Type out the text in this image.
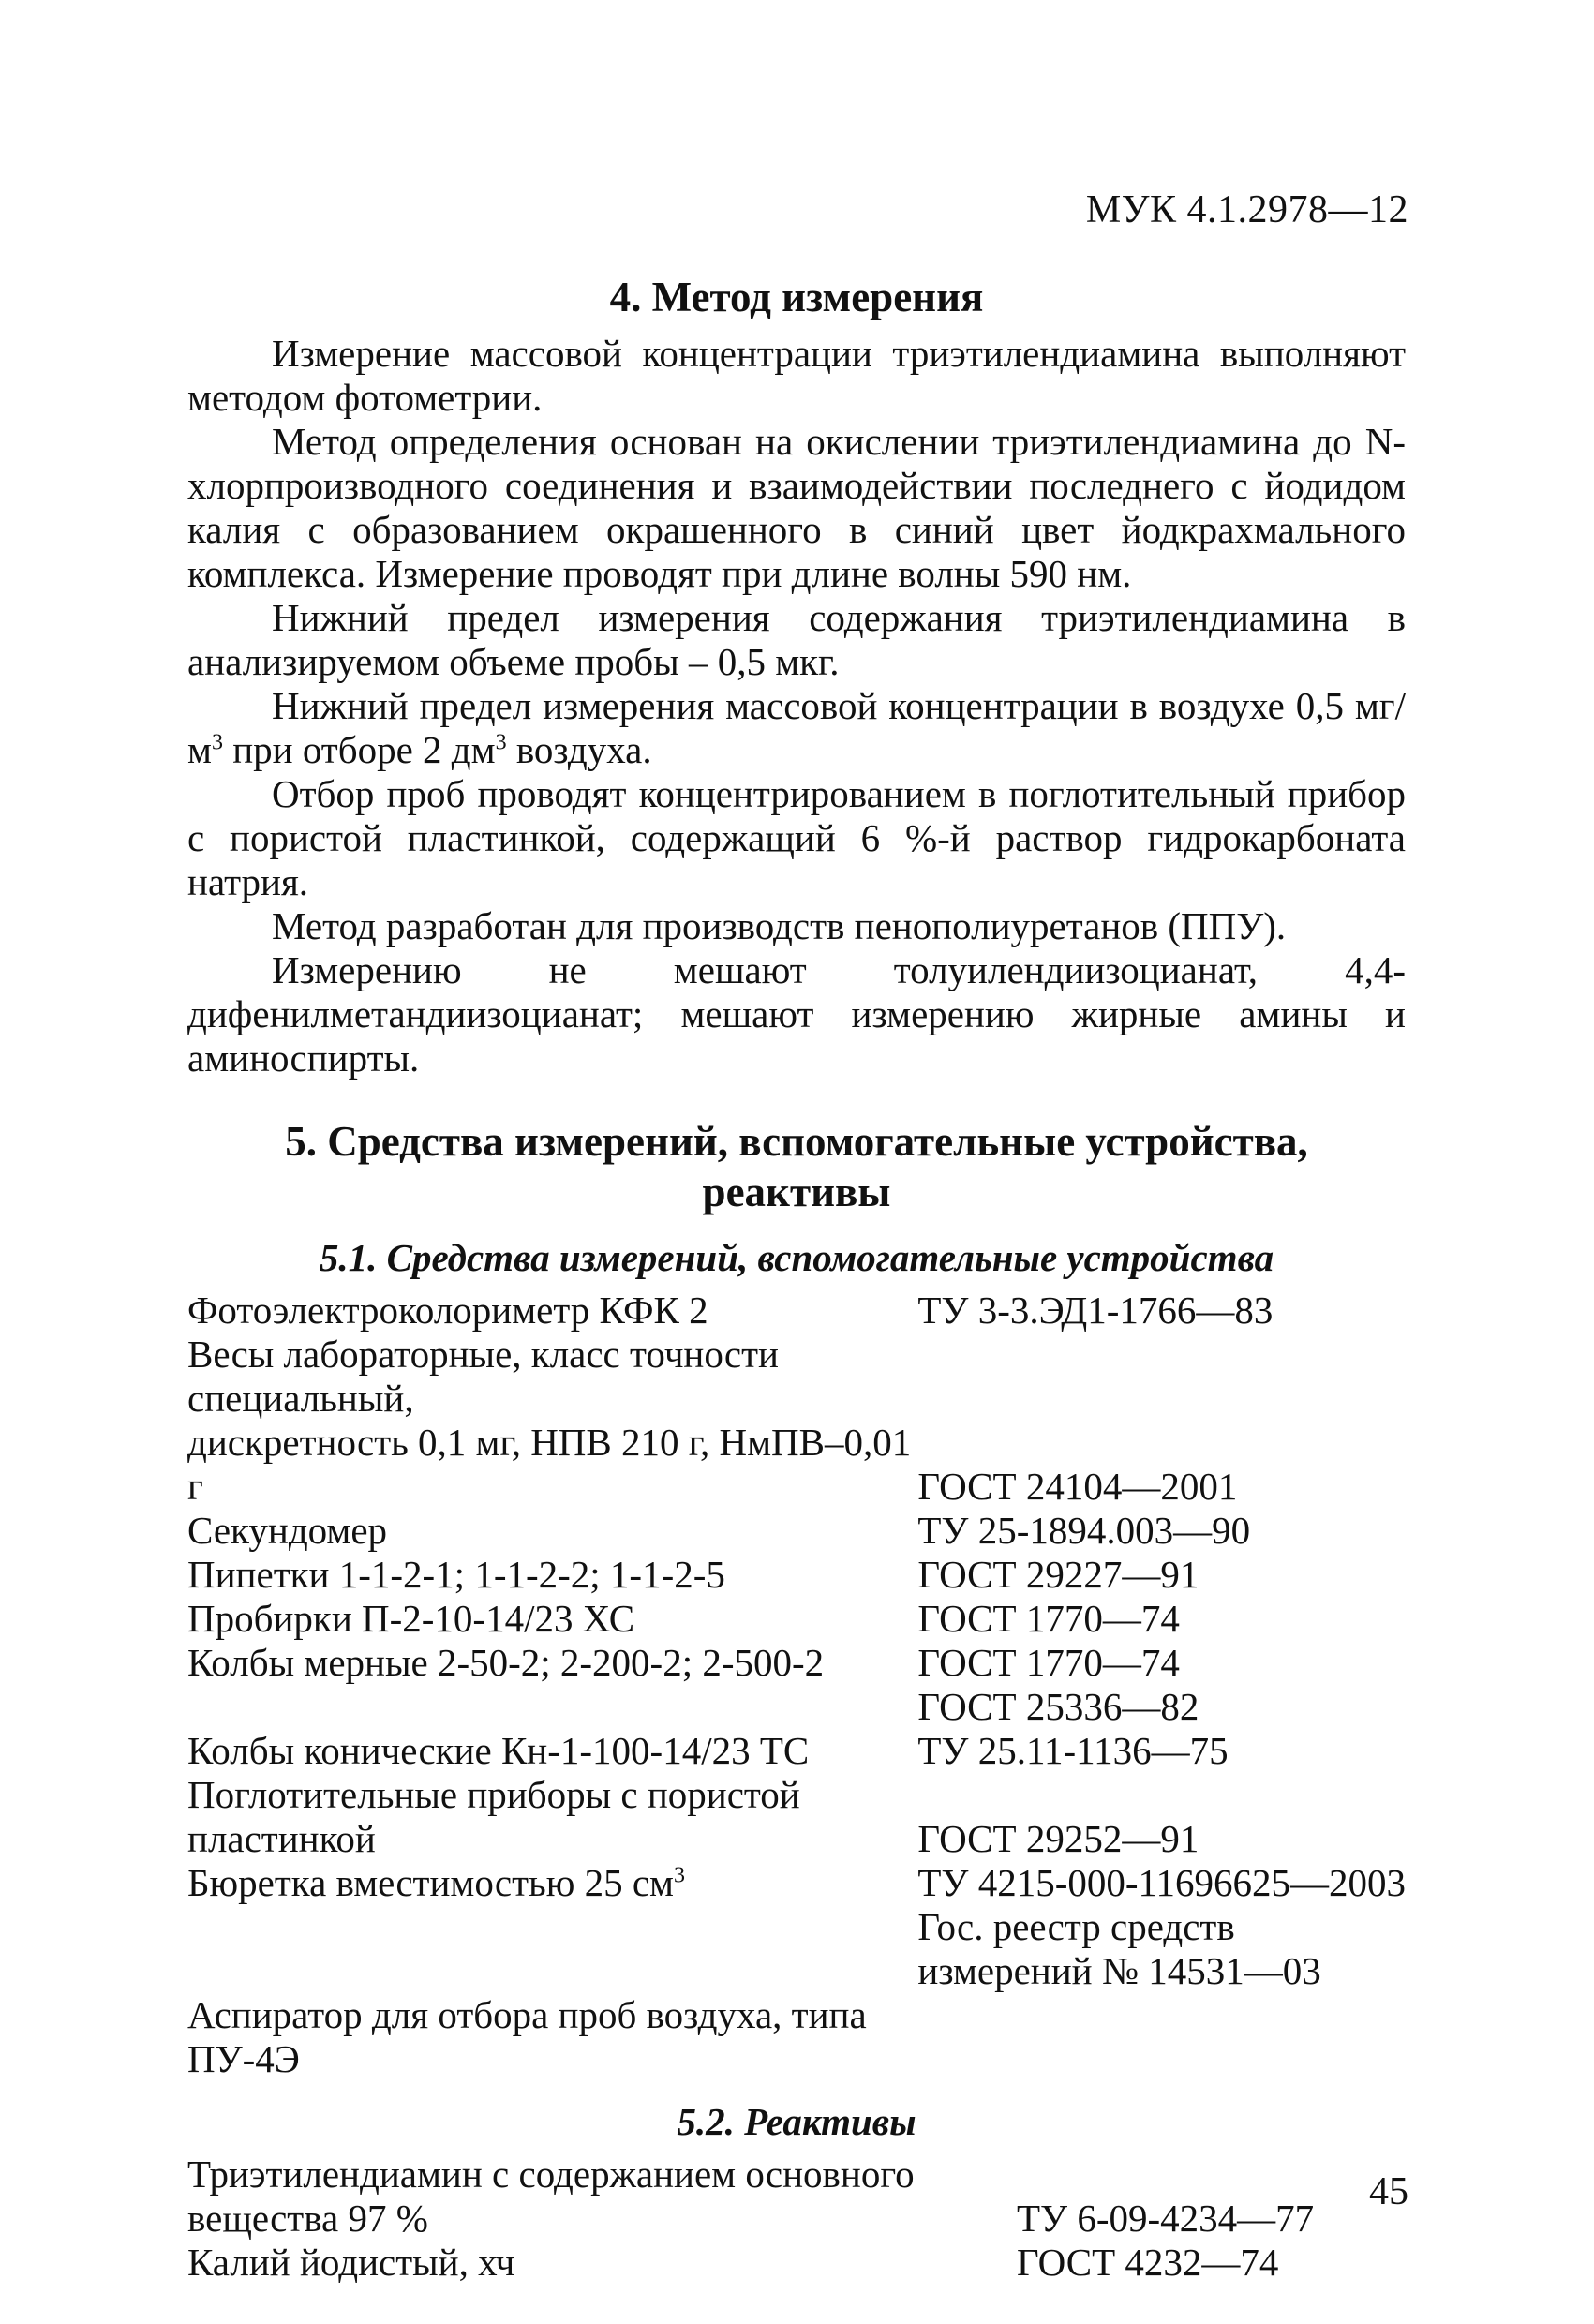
МУК 4.1.2978—12
4. Метод измерения

Измерение массовой концентрации триэтилендиамина выполняют методом фотометрии.

Метод определения основан на окислении триэтилендиамина до N-хлорпроизводного соединения и взаимодействии последнего с йодидом калия с образованием окрашенного в синий цвет йодкрахмального комплекса. Измерение проводят при длине волны 590 нм.

Нижний предел измерения содержания триэтилендиамина в анализируемом объеме пробы – 0,5 мкг.

Нижний предел измерения массовой концентрации в воздухе 0,5 $мг/м^3$ при отборе 2 $дм^3$ воздуха.

Отбор проб проводят концентрированием в поглотительный прибор с пористой пластинкой, содержащий 6 %-й раствор гидрокарбоната натрия.

Метод разработан для производств пенополиуретанов (ППУ).

Измерению не мешают толуилендиизоцианат, 4,4-дифенилметандиизоцианат; мешают измерению жирные амины и аминоспирты.

5. Средства измерений, вспомогательные устройства, реактивы
5.1. Средства измерений, вспомогательные устройства
Фотоэлектроколориметр КФК 2	ТУ 3-3.ЭД1-1766—83
Весы лабораторные, класс точности специальный,	
дискретность 0,1 мг, НПВ 210 г, НмПВ–0,01 г	ГОСТ 24104—2001
Секундомер	ТУ 25-1894.003—90
Пипетки 1-1-2-1; 1-1-2-2; 1-1-2-5	ГОСТ 29227—91
Пробирки П-2-10-14/23 ХС	ГОСТ 1770—74
Колбы мерные 2-50-2; 2-200-2; 2-500-2	ГОСТ 1770—74
	ГОСТ 25336—82
Колбы конические Кн-1-100-14/23 ТС	ТУ 25.11-1136—75
Поглотительные приборы с пористой пластинкой	ГОСТ 29252—91
Бюретка вместимостью 25 $см^3$	ТУ 4215-000-11696625—2003
	Гос. реестр средств
	измерений № 14531—03
Аспиратор для отбора проб воздуха, типа ПУ-4Э	
5.2. Реактивы
Триэтилендиамин с содержанием основного	
вещества 97 %	ТУ 6-09-4234—77
Калий йодистый, хч	ГОСТ 4232—74
45
